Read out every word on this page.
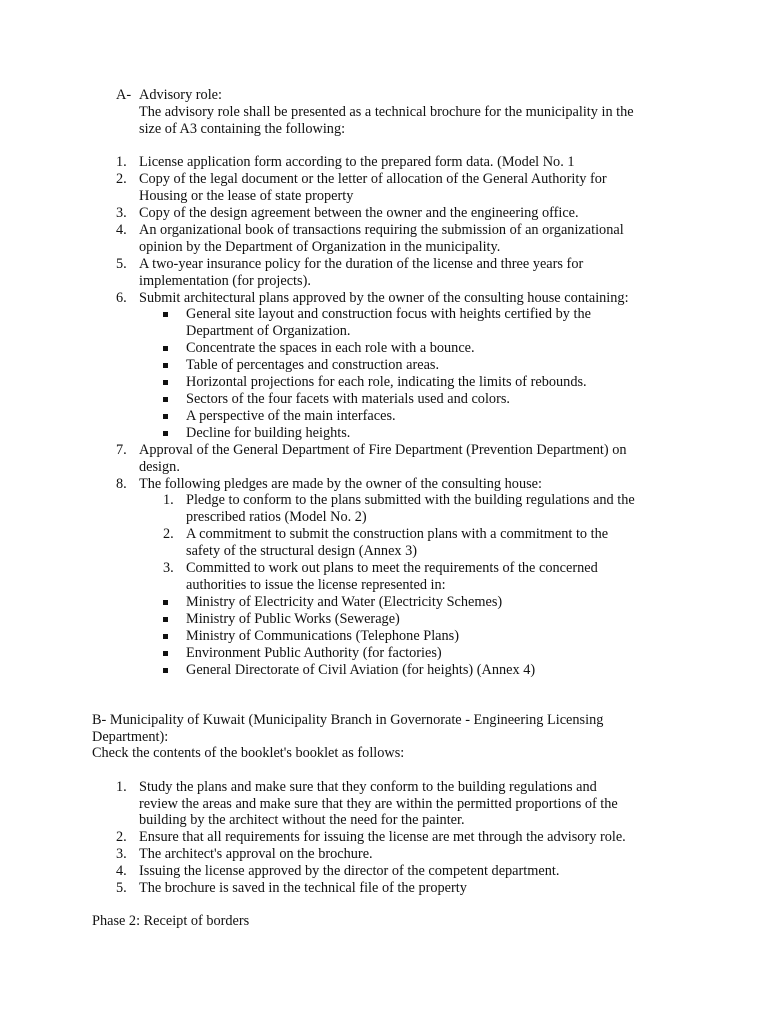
A- Advisory role:
The advisory role shall be presented as a technical brochure for the municipality in the
size of A3 containing the following:
1. License application form according to the prepared form data. (Model No. 1
2. Copy of the legal document or the letter of allocation of the General Authority for
Housing or the lease of state property
3. Copy of the design agreement between the owner and the engineering office.
4. An organizational book of transactions requiring the submission of an organizational
opinion by the Department of Organization in the municipality.
5. A two-year insurance policy for the duration of the license and three years for
implementation (for projects).
6. Submit architectural plans approved by the owner of the consulting house containing:
General site layout and construction focus with heights certified by the
Department of Organization.
Concentrate the spaces in each role with a bounce.
Table of percentages and construction areas.
Horizontal projections for each role, indicating the limits of rebounds.
Sectors of the four facets with materials used and colors.
A perspective of the main interfaces.
Decline for building heights.
7. Approval of the General Department of Fire Department (Prevention Department) on
design.
8. The following pledges are made by the owner of the consulting house:
1. Pledge to conform to the plans submitted with the building regulations and the
prescribed ratios (Model No. 2)
2. A commitment to submit the construction plans with a commitment to the
safety of the structural design (Annex 3)
3. Committed to work out plans to meet the requirements of the concerned
authorities to issue the license represented in:
Ministry of Electricity and Water (Electricity Schemes)
Ministry of Public Works (Sewerage)
Ministry of Communications (Telephone Plans)
Environment Public Authority (for factories)
General Directorate of Civil Aviation (for heights) (Annex 4)
B- Municipality of Kuwait (Municipality Branch in Governorate - Engineering Licensing
Department):
Check the contents of the booklet's booklet as follows:
1. Study the plans and make sure that they conform to the building regulations and
review the areas and make sure that they are within the permitted proportions of the
building by the architect without the need for the painter.
2. Ensure that all requirements for issuing the license are met through the advisory role.
3. The architect's approval on the brochure.
4. Issuing the license approved by the director of the competent department.
5. The brochure is saved in the technical file of the property
Phase 2: Receipt of borders
